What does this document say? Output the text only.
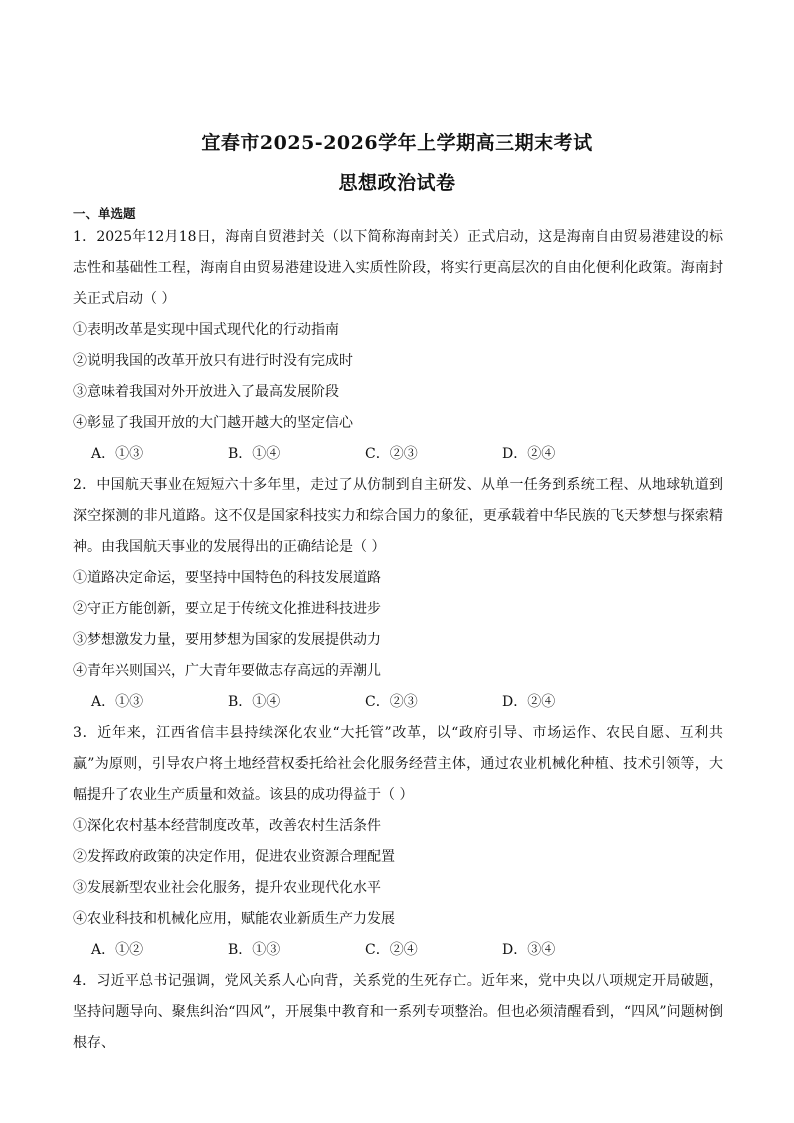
宜春市2025-2026学年上学期高三期末考试
思想政治试卷
一、单选题
1．2025年12月18日，海南自贸港封关（以下简称海南封关）正式启动，这是海南自由贸易港建设的标志性和基础性工程，海南自由贸易港建设进入实质性阶段，将实行更高层次的自由化便利化政策。海南封关正式启动（ ）
①表明改革是实现中国式现代化的行动指南
②说明我国的改革开放只有进行时没有完成时
③意味着我国对外开放进入了最高发展阶段
④彰显了我国开放的大门越开越大的坚定信心
A．①③	B．①④	C．②③	D．②④
2．中国航天事业在短短六十多年里，走过了从仿制到自主研发、从单一任务到系统工程、从地球轨道到深空探测的非凡道路。这不仅是国家科技实力和综合国力的象征，更承载着中华民族的飞天梦想与探索精神。由我国航天事业的发展得出的正确结论是（ ）
①道路决定命运，要坚持中国特色的科技发展道路
②守正方能创新，要立足于传统文化推进科技进步
③梦想激发力量，要用梦想为国家的发展提供动力
④青年兴则国兴，广大青年要做志存高远的弄潮儿
A．①③	B．①④	C．②③	D．②④
3．近年来，江西省信丰县持续深化农业“大托管”改革，以“政府引导、市场运作、农民自愿、互利共赢”为原则，引导农户将土地经营权委托给社会化服务经营主体，通过农业机械化种植、技术引领等，大幅提升了农业生产质量和效益。该县的成功得益于（ ）
①深化农村基本经营制度改革，改善农村生活条件
②发挥政府政策的决定作用，促进农业资源合理配置
③发展新型农业社会化服务，提升农业现代化水平
④农业科技和机械化应用，赋能农业新质生产力发展
A．①②	B．①③	C．②④	D．③④
4．习近平总书记强调，党风关系人心向背，关系党的生死存亡。近年来，党中央以八项规定开局破题，坚持问题导向、聚焦纠治“四风”，开展集中教育和一系列专项整治。但也必须清醒看到，“四风”问题树倒根存、
